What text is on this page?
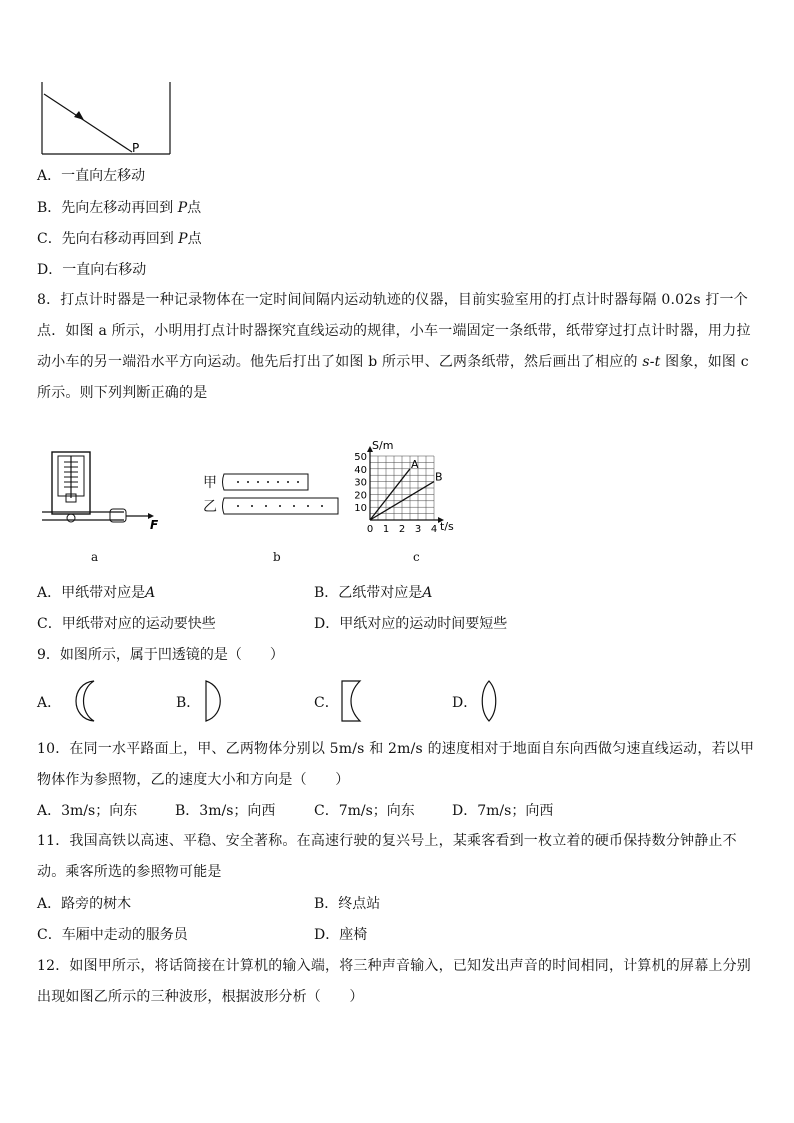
P
A．一直向左移动
B．先向左移动再回到 P点
C．先向右移动再回到 P点
D．一直向右移动
8．打点计时器是一种记录物体在一定时间间隔内运动轨迹的仪器，目前实验室用的打点计时器每隔 0.02s 打一个点．如图 a 所示，小明用打点计时器探究直线运动的规律，小车一端固定一条纸带，纸带穿过打点计时器，用力拉动小车的另一端沿水平方向运动。他先后打出了如图 b 所示甲、乙两条纸带，然后画出了相应的 s-t 图象，如图 c 所示。则下列判断正确的是
F
a
甲
乙
b
S/m
t/s
50
40
30
20
10
0 1 2 3 4
A
B
c
A．甲纸带对应是A	B．乙纸带对应是A
C．甲纸带对应的运动要快些	D．甲纸对应的运动时间要短些
9．如图所示，属于凹透镜的是（　　）
A．	B．	C．	D．
10．在同一水平路面上，甲、乙两物体分别以 5m/s 和 2m/s 的速度相对于地面自东向西做匀速直线运动，若以甲物体作为参照物，乙的速度大小和方向是（　　）
A．3m/s；向东	B．3m/s；向西	C．7m/s；向东	D．7m/s；向西
11．我国高铁以高速、平稳、安全著称。在高速行驶的复兴号上，某乘客看到一枚立着的硬币保持数分钟静止不动。乘客所选的参照物可能是
A．路旁的树木	B．终点站
C．车厢中走动的服务员	D．座椅
12．如图甲所示，将话筒接在计算机的输入端，将三种声音输入，已知发出声音的时间相同，计算机的屏幕上分别出现如图乙所示的三种波形，根据波形分析（　　）
